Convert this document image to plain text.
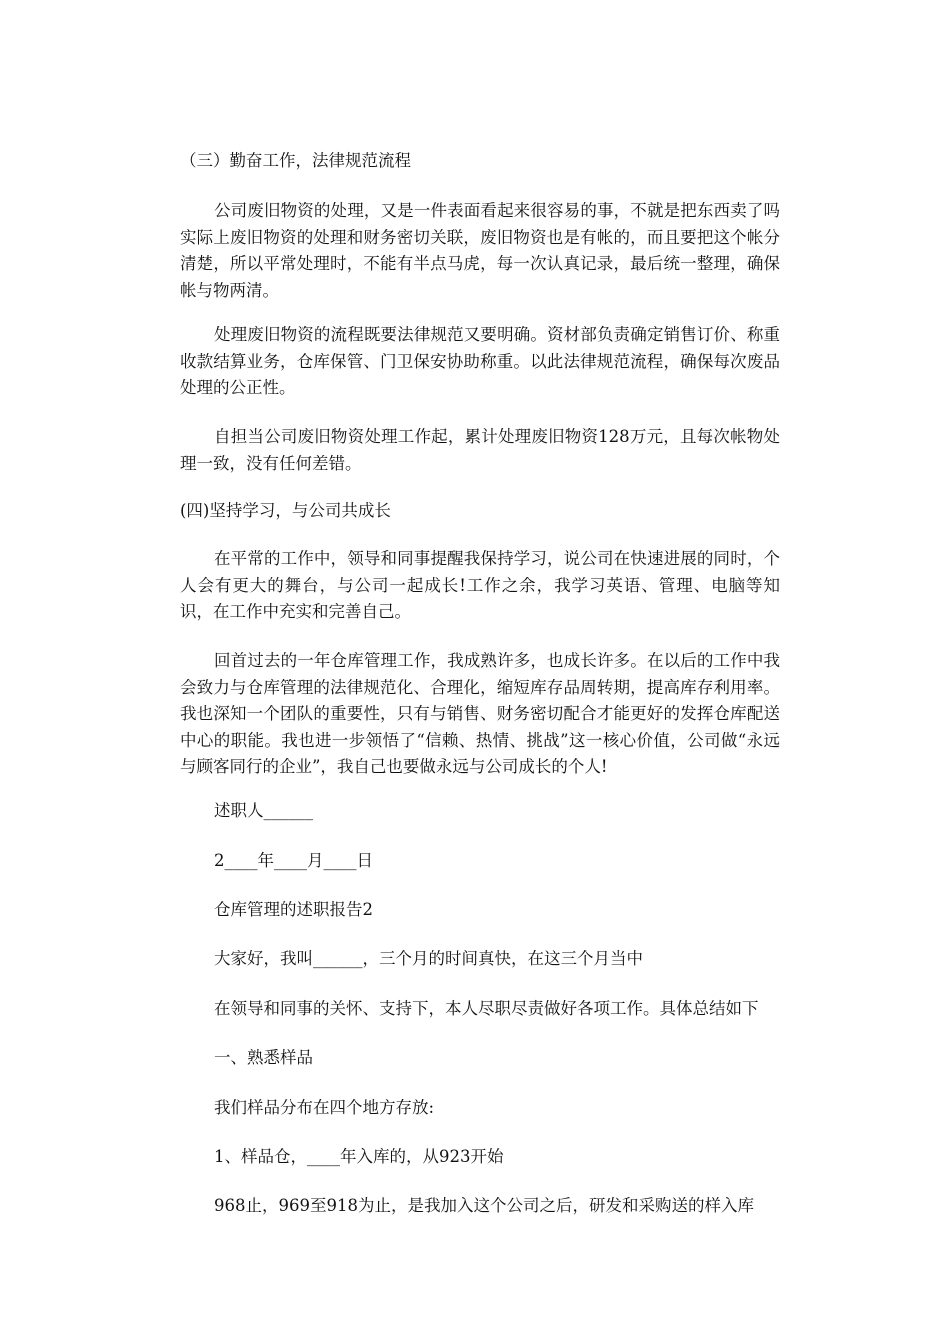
（三）勤奋工作，法律规范流程

公司废旧物资的处理，又是一件表面看起来很容易的事，不就是把东西卖了吗实际上废旧物资的处理和财务密切关联，废旧物资也是有帐的，而且要把这个帐分清楚，所以平常处理时，不能有半点马虎，每一次认真记录，最后统一整理，确保帐与物两清。

处理废旧物资的流程既要法律规范又要明确。资材部负责确定销售订价、称重收款结算业务，仓库保管、门卫保安协助称重。以此法律规范流程，确保每次废品处理的公正性。

自担当公司废旧物资处理工作起，累计处理废旧物资128万元，且每次帐物处理一致，没有任何差错。

(四)坚持学习，与公司共成长

在平常的工作中，领导和同事提醒我保持学习，说公司在快速进展的同时，个人会有更大的舞台，与公司一起成长!工作之余，我学习英语、管理、电脑等知识，在工作中充实和完善自己。

回首过去的一年仓库管理工作，我成熟许多，也成长许多。在以后的工作中我会致力与仓库管理的法律规范化、合理化，缩短库存品周转期，提高库存利用率。我也深知一个团队的重要性，只有与销售、财务密切配合才能更好的发挥仓库配送中心的职能。我也进一步领悟了“信赖、热情、挑战”这一核心价值，公司做“永远与顾客同行的企业”，我自己也要做永远与公司成长的个人!

述职人______

2____年____月____日

仓库管理的述职报告2

大家好，我叫______，三个月的时间真快，在这三个月当中

在领导和同事的关怀、支持下，本人尽职尽责做好各项工作。具体总结如下

一、熟悉样品

我们样品分布在四个地方存放:

1、样品仓，____年入库的，从923开始

968止，969至918为止，是我加入这个公司之后，研发和采购送的样入库
